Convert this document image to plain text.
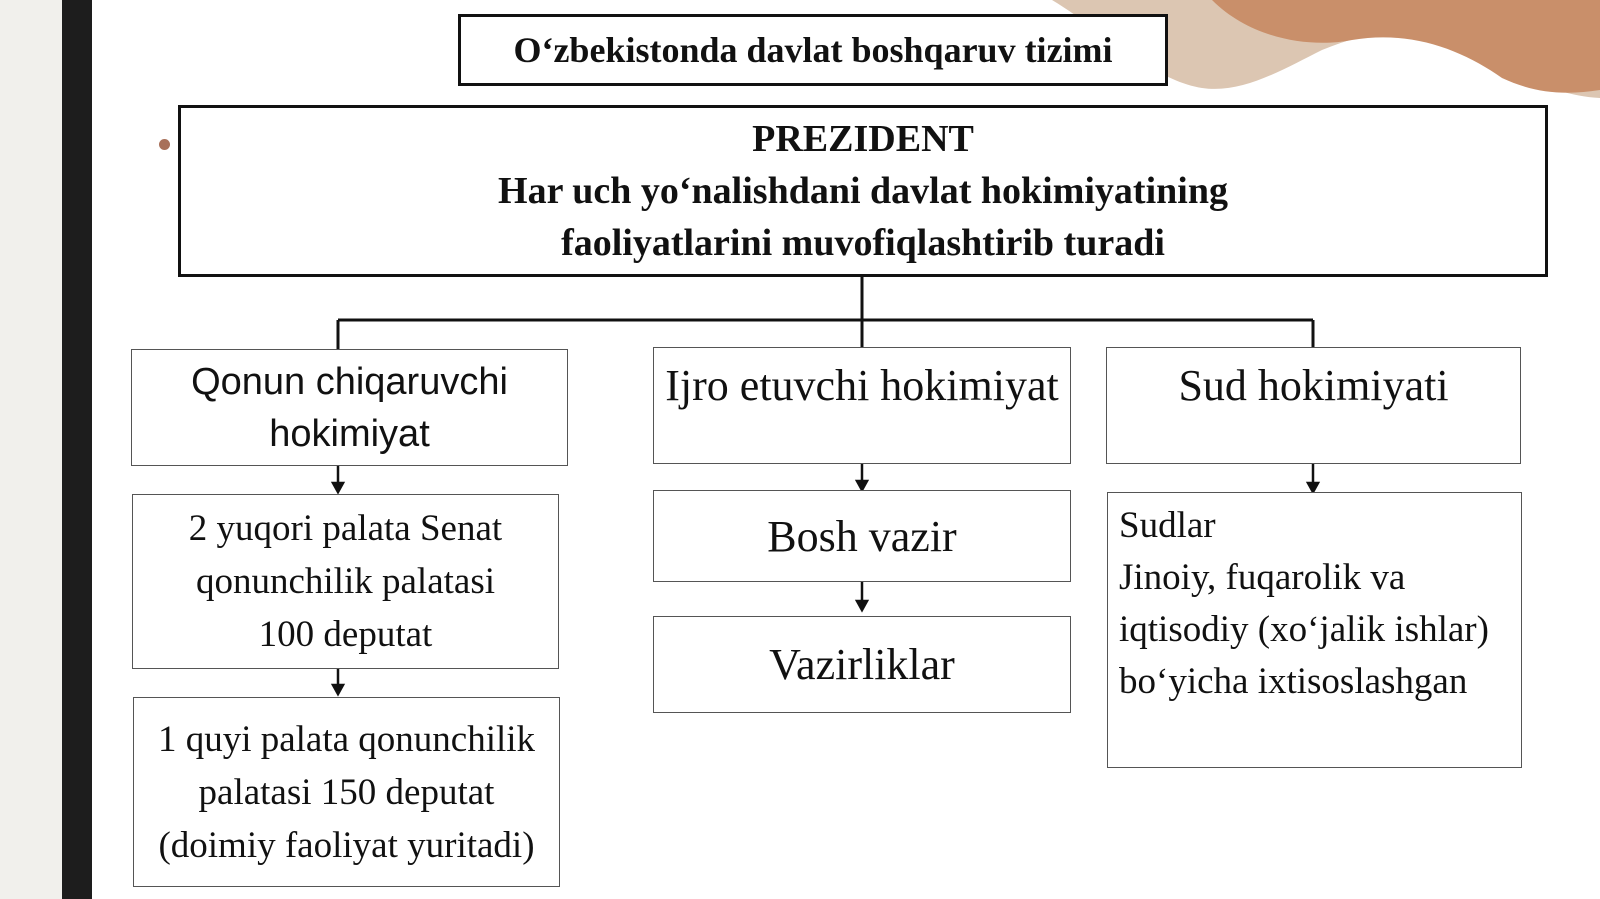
O‘zbekistonda davlat boshqaruv tizimi
PREZIDENT
Har uch yo‘nalishdani davlat hokimiyatining
faoliyatlarini muvofiqlashtirib turadi
Qonun chiqaruvchi
hokimiyat
Ijro etuvchi hokimiyat	Sud hokimiyati
2 yuqori palata Senat
qonunchilik palatasi
100 deputat
1 quyi palata qonunchilik
palatasi 150 deputat
(doimiy faoliyat yuritadi)
Bosh vazir
Vazirliklar
Sudlar
Jinoiy, fuqarolik va
iqtisodiy (xo‘jalik ishlar)
bo‘yicha ixtisoslashgan
